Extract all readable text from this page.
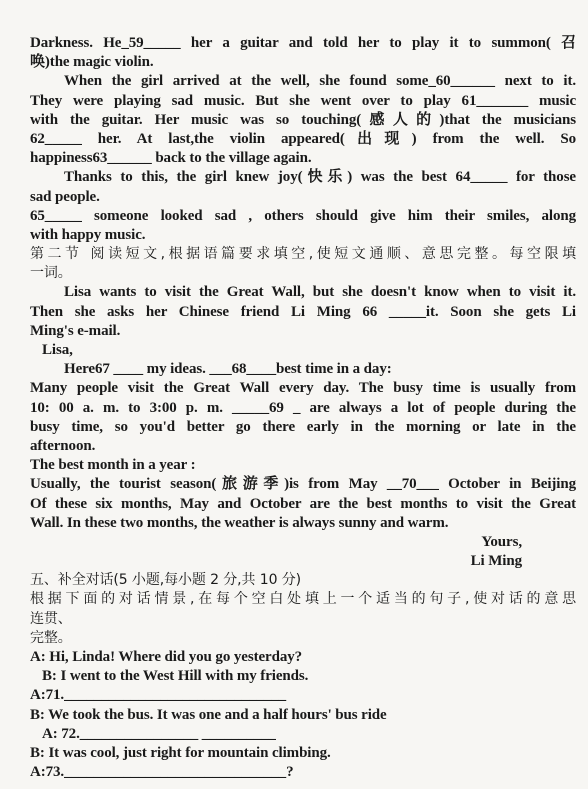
Darkness. He_59_____ her a guitar and told her to play it to summon( 召
唤)the magic violin.
When the girl arrived at the well, she found some_60______ next to it.
They were playing sad music. But she went over to play 61_______ music
with the guitar. Her music was so touching(感人的)that the musicians
62_____ her. At last,the violin appeared(出现) from the well. So
happiness63______ back to the village again.
Thanks to this, the girl knew joy(快乐) was the best 64_____ for those
sad people.
65_____ someone looked sad , others should give him their smiles, along
with happy music.
第二节 阅读短文,根据语篇要求填空,使短文通顺、意思完整。每空限填
一词。
Lisa wants to visit the Great Wall, but she doesn't know when to visit it.
Then she asks her Chinese friend Li Ming 66 _____it. Soon she gets Li
Ming's e-mail.
Lisa,
Here67 ____ my ideas. ___68____best time in a day:
Many people visit the Great Wall every day. The busy time is usually from
10: 00 a. m. to 3:00 p. m. _____69 _ are always a lot of people during the
busy time, so you'd better go there early in the morning or late in the
afternoon.
The best month in a year :
Usually, the tourist season(旅游季)is from May __70___ October in Beijing
Of these six months, May and October are the best months to visit the Great
Wall. In these two months, the weather is always sunny and warm.
Yours,
Li Ming
五、补全对话(5 小题,每小题 2 分,共 10 分)
根据下面的对话情景,在每个空白处填上一个适当的句子,使对话的意思
连贯、
完整。
A: Hi, Linda! Where did you go yesterday?
B: I went to the West Hill with my friends.
A:71.______________________________
B: We took the bus. It was one and a half hours' bus ride
A: 72.________________ __________
B: It was cool, just right for mountain climbing.
A:73.______________________________?
